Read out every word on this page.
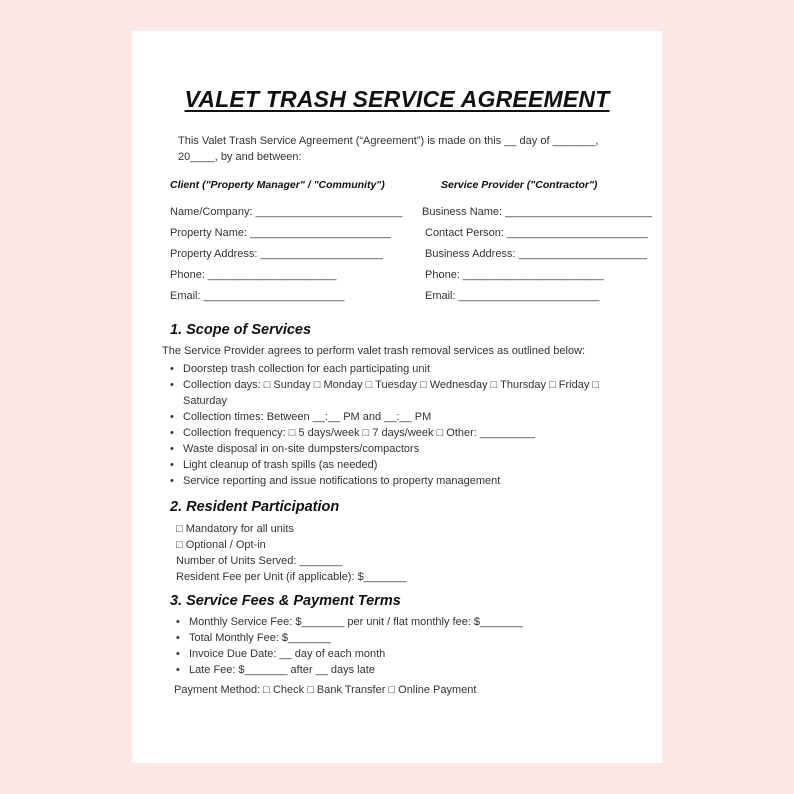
VALET TRASH SERVICE AGREEMENT
This Valet Trash Service Agreement (“Agreement”) is made on this __ day of _______, 20____, by and between:
Client ("Property Manager" / "Community")
Name/Company: ________________________
Property Name: _______________________
Property Address: ____________________
Phone: _____________________
Email: _______________________
Service Provider ("Contractor")
Business Name: ________________________
Contact Person: _______________________
Business Address: _____________________
Phone: _______________________
Email: _______________________
1. Scope of Services
The Service Provider agrees to perform valet trash removal services as outlined below:
• Doorstep trash collection for each participating unit
• Collection days: □ Sunday □ Monday □ Tuesday □ Wednesday □ Thursday □ Friday □ Saturday
• Collection times: Between __:__ PM and __:__ PM
• Collection frequency: □ 5 days/week □ 7 days/week □ Other: _________
• Waste disposal in on-site dumpsters/compactors
• Light cleanup of trash spills (as needed)
• Service reporting and issue notifications to property management
2. Resident Participation
□ Mandatory for all units
□ Optional / Opt-in
Number of Units Served: _______
Resident Fee per Unit (if applicable): $_______
3. Service Fees & Payment Terms
• Monthly Service Fee: $_______ per unit / flat monthly fee: $_______
• Total Monthly Fee: $_______
• Invoice Due Date: __ day of each month
• Late Fee: $_______ after __ days late
Payment Method: □ Check □ Bank Transfer □ Online Payment
